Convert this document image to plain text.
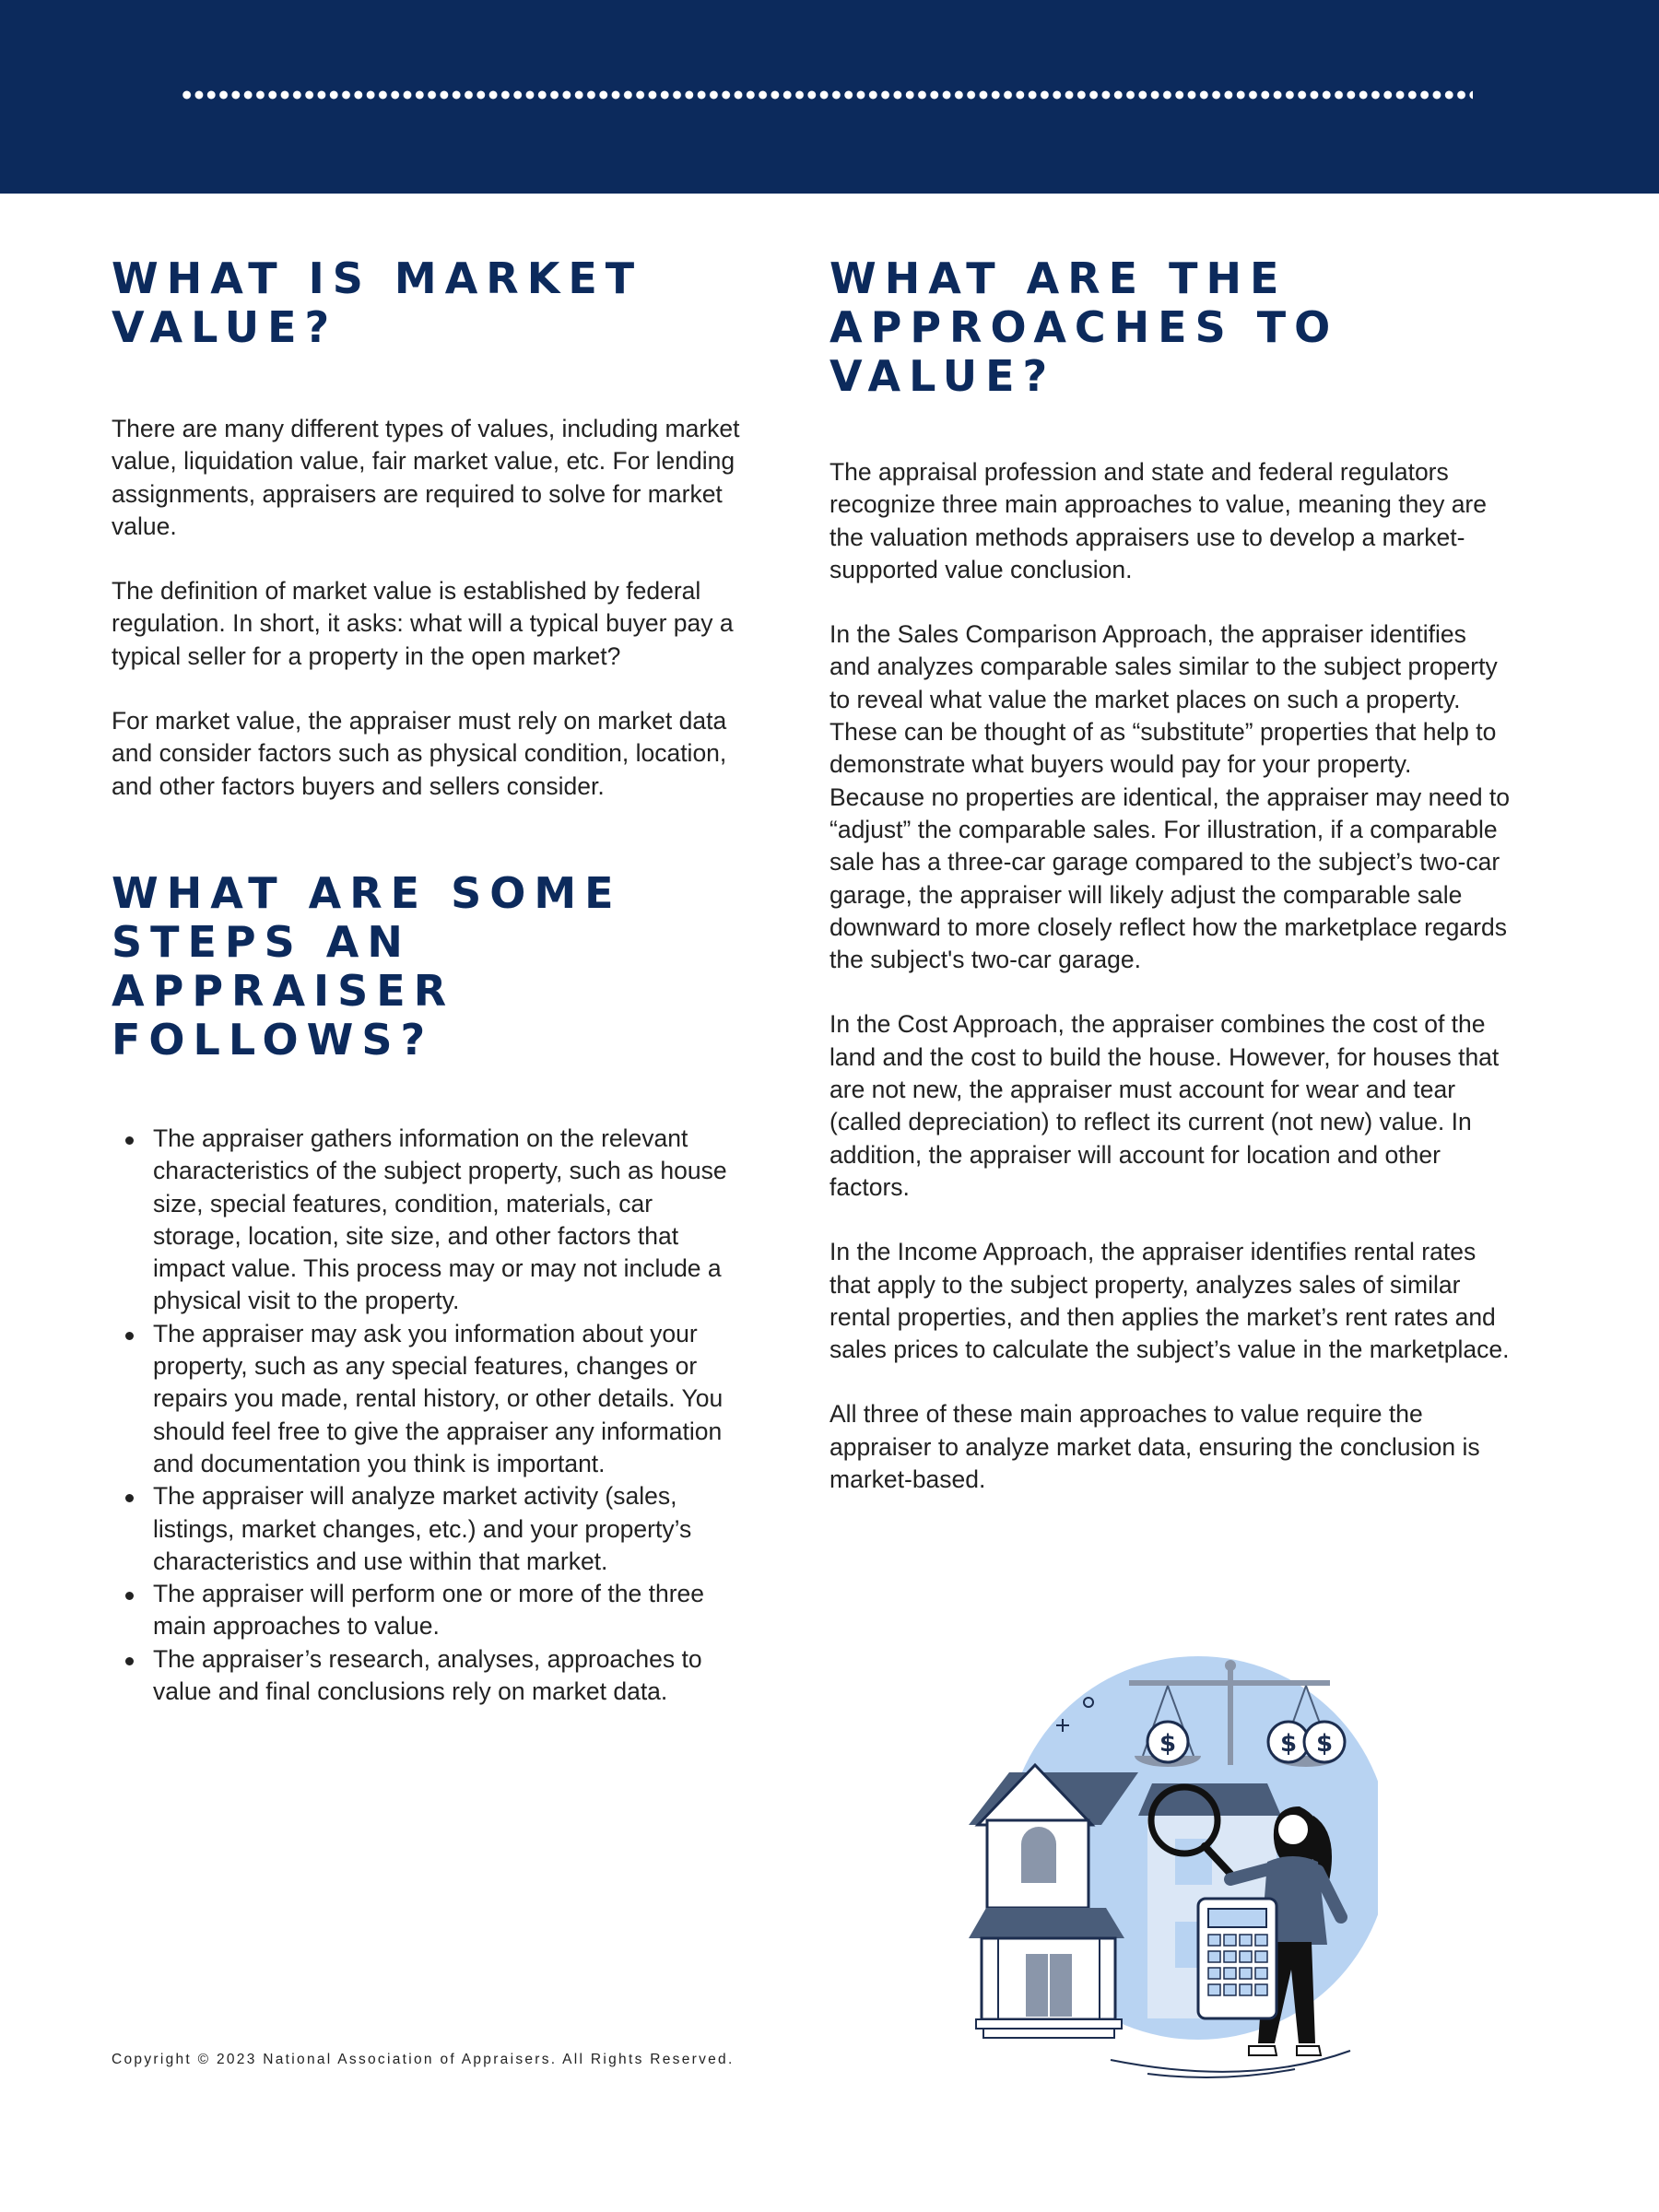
WHAT IS MARKET VALUE?

There are many different types of values, including market value, liquidation value, fair market value, etc. For lending assignments, appraisers are required to solve for market value.

The definition of market value is established by federal regulation. In short, it asks: what will a typical buyer pay a typical seller for a property in the open market?

For market value, the appraiser must rely on market data and consider factors such as physical condition, location, and other factors buyers and sellers consider.

WHAT ARE SOME STEPS AN APPRAISER FOLLOWS?
The appraiser gathers information on the relevant characteristics of the subject property, such as house size, special features, condition, materials, car storage, location, site size, and other factors that impact value. This process may or may not include a physical visit to the property.
The appraiser may ask you information about your property, such as any special features, changes or repairs you made, rental history, or other details. You should feel free to give the appraiser any information and documentation you think is important.
The appraiser will analyze market activity (sales, listings, market changes, etc.) and your property’s characteristics and use within that market.
The appraiser will perform one or more of the three main approaches to value.
The appraiser’s research, analyses, approaches to value and final conclusions rely on market data.
WHAT ARE THE APPROACHES TO VALUE?

The appraisal profession and state and federal regulators recognize three main approaches to value, meaning they are the valuation methods appraisers use to develop a market-supported value conclusion.

In the Sales Comparison Approach, the appraiser identifies and analyzes comparable sales similar to the subject property to reveal what value the market places on such a property. These can be thought of as “substitute” properties that help to demonstrate what buyers would pay for your property. Because no properties are identical, the appraiser may need to “adjust” the comparable sales. For illustration, if a comparable sale has a three-car garage compared to the subject’s two-car garage, the appraiser will likely adjust the comparable sale downward to more closely reflect how the marketplace regards the subject's two-car garage.

In the Cost Approach, the appraiser combines the cost of the land and the cost to build the house. However, for houses that are not new, the appraiser must account for wear and tear (called depreciation) to reflect its current (not new) value. In addition, the appraiser will account for location and other factors.

In the Income Approach, the appraiser identifies rental rates that apply to the subject property, analyzes sales of similar rental properties, and then applies the market’s rent rates and sales prices to calculate the subject’s value in the marketplace.

All three of these main approaches to value require the appraiser to analyze market data, ensuring the conclusion is market-based.

$	$ $
Copyright © 2023 National Association of Appraisers. All Rights Reserved.
